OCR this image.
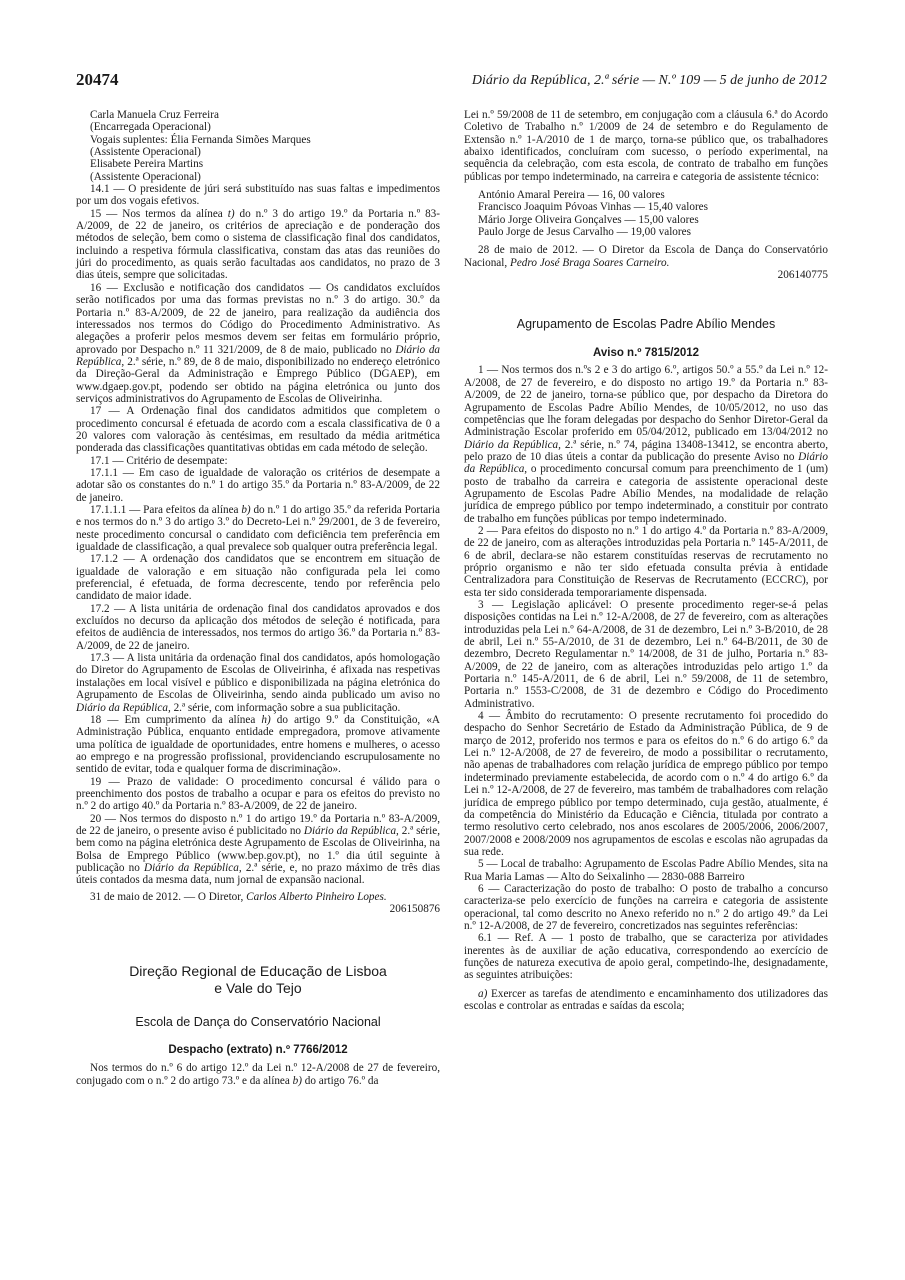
20474	Diário da República, 2.ª série — N.º 109 — 5 de junho de 2012

Carla Manuela Cruz Ferreira

(Encarregada Operacional)

Vogais suplentes: Élia Fernanda Simões Marques

(Assistente Operacional)

Elisabete Pereira Martins

(Assistente Operacional)

14.1 — O presidente de júri será substituído nas suas faltas e impedimentos por um dos vogais efetivos.

15 — Nos termos da alínea t) do n.º 3 do artigo 19.º da Portaria n.º 83-A/2009, de 22 de janeiro, os critérios de apreciação e de ponderação dos métodos de seleção, bem como o sistema de classificação final dos candidatos, incluindo a respetiva fórmula classificativa, constam das atas das reuniões do júri do procedimento, as quais serão facultadas aos candidatos, no prazo de 3 dias úteis, sempre que solicitadas.

16 — Exclusão e notificação dos candidatos — Os candidatos excluídos serão notificados por uma das formas previstas no n.º 3 do artigo. 30.º da Portaria n.º 83-A/2009, de 22 de janeiro, para realização da audiência dos interessados nos termos do Código do Procedimento Administrativo. As alegações a proferir pelos mesmos devem ser feitas em formulário próprio, aprovado por Despacho n.º 11 321/2009, de 8 de maio, publicado no Diário da República, 2.ª série, n.º 89, de 8 de maio, disponibilizado no endereço eletrónico da Direção-Geral da Administração e Emprego Público (DGAEP), em www.dgaep.gov.pt, podendo ser obtido na página eletrónica ou junto dos serviços administrativos do Agrupamento de Escolas de Oliveirinha.

17 — A Ordenação final dos candidatos admitidos que completem o procedimento concursal é efetuada de acordo com a escala classificativa de 0 a 20 valores com valoração às centésimas, em resultado da média aritmética ponderada das classificações quantitativas obtidas em cada método de seleção.

17.1 — Critério de desempate:

17.1.1 — Em caso de igualdade de valoração os critérios de desempate a adotar são os constantes do n.º 1 do artigo 35.º da Portaria n.º 83-A/2009, de 22 de janeiro.

17.1.1.1 — Para efeitos da alínea b) do n.º 1 do artigo 35.º da referida Portaria e nos termos do n.º 3 do artigo 3.º do Decreto-Lei n.º 29/2001, de 3 de fevereiro, neste procedimento concursal o candidato com deficiência tem preferência em igualdade de classificação, a qual prevalece sob qualquer outra preferência legal.

17.1.2 — A ordenação dos candidatos que se encontrem em situação de igualdade de valoração e em situação não configurada pela lei como preferencial, é efetuada, de forma decrescente, tendo por referência pelo candidato de maior idade.

17.2 — A lista unitária de ordenação final dos candidatos aprovados e dos excluídos no decurso da aplicação dos métodos de seleção é notificada, para efeitos de audiência de interessados, nos termos do artigo 36.º da Portaria n.º 83-A/2009, de 22 de janeiro.

17.3 — A lista unitária da ordenação final dos candidatos, após homologação do Diretor do Agrupamento de Escolas de Oliveirinha, é afixada nas respetivas instalações em local visível e público e disponibilizada na página eletrónica do Agrupamento de Escolas de Oliveirinha, sendo ainda publicado um aviso no Diário da República, 2.ª série, com informação sobre a sua publicitação.

18 — Em cumprimento da alínea h) do artigo 9.º da Constituição, «A Administração Pública, enquanto entidade empregadora, promove ativamente uma política de igualdade de oportunidades, entre homens e mulheres, o acesso ao emprego e na progressão profissional, providenciando escrupulosamente no sentido de evitar, toda e qualquer forma de discriminação».

19 — Prazo de validade: O procedimento concursal é válido para o preenchimento dos postos de trabalho a ocupar e para os efeitos do previsto no n.º 2 do artigo 40.º da Portaria n.º 83-A/2009, de 22 de janeiro.

20 — Nos termos do disposto n.º 1 do artigo 19.º da Portaria n.º 83-A/2009, de 22 de janeiro, o presente aviso é publicitado no Diário da República, 2.ª série, bem como na página eletrónica deste Agrupamento de Escolas de Oliveirinha, na Bolsa de Emprego Público (www.bep.gov.pt), no 1.º dia útil seguinte à publicação no Diário da República, 2.ª série, e, no prazo máximo de três dias úteis contados da mesma data, num jornal de expansão nacional.

31 de maio de 2012. — O Diretor, Carlos Alberto Pinheiro Lopes.

206150876

Direção Regional de Educação de Lisboa e Vale do Tejo

Escola de Dança do Conservatório Nacional

Despacho (extrato) n.º 7766/2012

Nos termos do n.º 6 do artigo 12.º da Lei n.º 12-A/2008 de 27 de fevereiro, conjugado com o n.º 2 do artigo 73.º e da alínea b) do artigo 76.º da

Lei n.º 59/2008 de 11 de setembro, em conjugação com a cláusula 6.ª do Acordo Coletivo de Trabalho n.º 1/2009 de 24 de setembro e do Regulamento de Extensão n.º 1-A/2010 de 1 de março, torna-se público que, os trabalhadores abaixo identificados, concluíram com sucesso, o período experimental, na sequência da celebração, com esta escola, de contrato de trabalho em funções públicas por tempo indeterminado, na carreira e categoria de assistente técnico:

António Amaral Pereira — 16, 00 valores

Francisco Joaquim Póvoas Vinhas — 15,40 valores

Mário Jorge Oliveira Gonçalves — 15,00 valores

Paulo Jorge de Jesus Carvalho — 19,00 valores

28 de maio de 2012. — O Diretor da Escola de Dança do Conservatório Nacional, Pedro José Braga Soares Carneiro.

206140775

Agrupamento de Escolas Padre Abílio Mendes

Aviso n.º 7815/2012

1 — Nos termos dos n.ºs 2 e 3 do artigo 6.º, artigos 50.º a 55.º da Lei n.º 12-A/2008, de 27 de fevereiro, e do disposto no artigo 19.º da Portaria n.º 83-A/2009, de 22 de janeiro, torna-se público que, por despacho da Diretora do Agrupamento de Escolas Padre Abílio Mendes, de 10/05/2012, no uso das competências que lhe foram delegadas por despacho do Senhor Diretor-Geral da Administração Escolar proferido em 05/04/2012, publicado em 13/04/2012 no Diário da República, 2.ª série, n.º 74, página 13408-13412, se encontra aberto, pelo prazo de 10 dias úteis a contar da publicação do presente Aviso no Diário da República, o procedimento concursal comum para preenchimento de 1 (um) posto de trabalho da carreira e categoria de assistente operacional deste Agrupamento de Escolas Padre Abílio Mendes, na modalidade de relação jurídica de emprego público por tempo indeterminado, a constituir por contrato de trabalho em funções públicas por tempo indeterminado.

2 — Para efeitos do disposto no n.º 1 do artigo 4.º da Portaria n.º 83-A/2009, de 22 de janeiro, com as alterações introduzidas pela Portaria n.º 145-A/2011, de 6 de abril, declara-se não estarem constituídas reservas de recrutamento no próprio organismo e não ter sido efetuada consulta prévia à entidade Centralizadora para Constituição de Reservas de Recrutamento (ECCRC), por esta ter sido considerada temporariamente dispensada.

3 — Legislação aplicável: O presente procedimento reger-se-á pelas disposições contidas na Lei n.º 12-A/2008, de 27 de fevereiro, com as alterações introduzidas pela Lei n.º 64-A/2008, de 31 de dezembro, Lei n.º 3-B/2010, de 28 de abril, Lei n.º 55-A/2010, de 31 de dezembro, Lei n.º 64-B/2011, de 30 de dezembro, Decreto Regulamentar n.º 14/2008, de 31 de julho, Portaria n.º 83-A/2009, de 22 de janeiro, com as alterações introduzidas pelo artigo 1.º da Portaria n.º 145-A/2011, de 6 de abril, Lei n.º 59/2008, de 11 de setembro, Portaria n.º 1553-C/2008, de 31 de dezembro e Código do Procedimento Administrativo.

4 — Âmbito do recrutamento: O presente recrutamento foi procedido do despacho do Senhor Secretário de Estado da Administração Pública, de 9 de março de 2012, proferido nos termos e para os efeitos do n.º 6 do artigo 6.º da Lei n.º 12-A/2008, de 27 de fevereiro, de modo a possibilitar o recrutamento, não apenas de trabalhadores com relação jurídica de emprego público por tempo indeterminado previamente estabelecida, de acordo com o n.º 4 do artigo 6.º da Lei n.º 12-A/2008, de 27 de fevereiro, mas também de trabalhadores com relação jurídica de emprego público por tempo determinado, cuja gestão, atualmente, é da competência do Ministério da Educação e Ciência, titulada por contrato a termo resolutivo certo celebrado, nos anos escolares de 2005/2006, 2006/2007, 2007/2008 e 2008/2009 nos agrupamentos de escolas e escolas não agrupadas da sua rede.

5 — Local de trabalho: Agrupamento de Escolas Padre Abílio Mendes, sita na Rua Maria Lamas — Alto do Seixalinho — 2830-088 Barreiro

6 — Caracterização do posto de trabalho: O posto de trabalho a concurso caracteriza-se pelo exercício de funções na carreira e categoria de assistente operacional, tal como descrito no Anexo referido no n.º 2 do artigo 49.º da Lei n.º 12-A/2008, de 27 de fevereiro, concretizados nas seguintes referências:

6.1 — Ref. A — 1 posto de trabalho, que se caracteriza por atividades inerentes às de auxiliar de ação educativa, correspondendo ao exercício de funções de natureza executiva de apoio geral, competindo-lhe, designadamente, as seguintes atribuições:

a) Exercer as tarefas de atendimento e encaminhamento dos utilizadores das escolas e controlar as entradas e saídas da escola;
